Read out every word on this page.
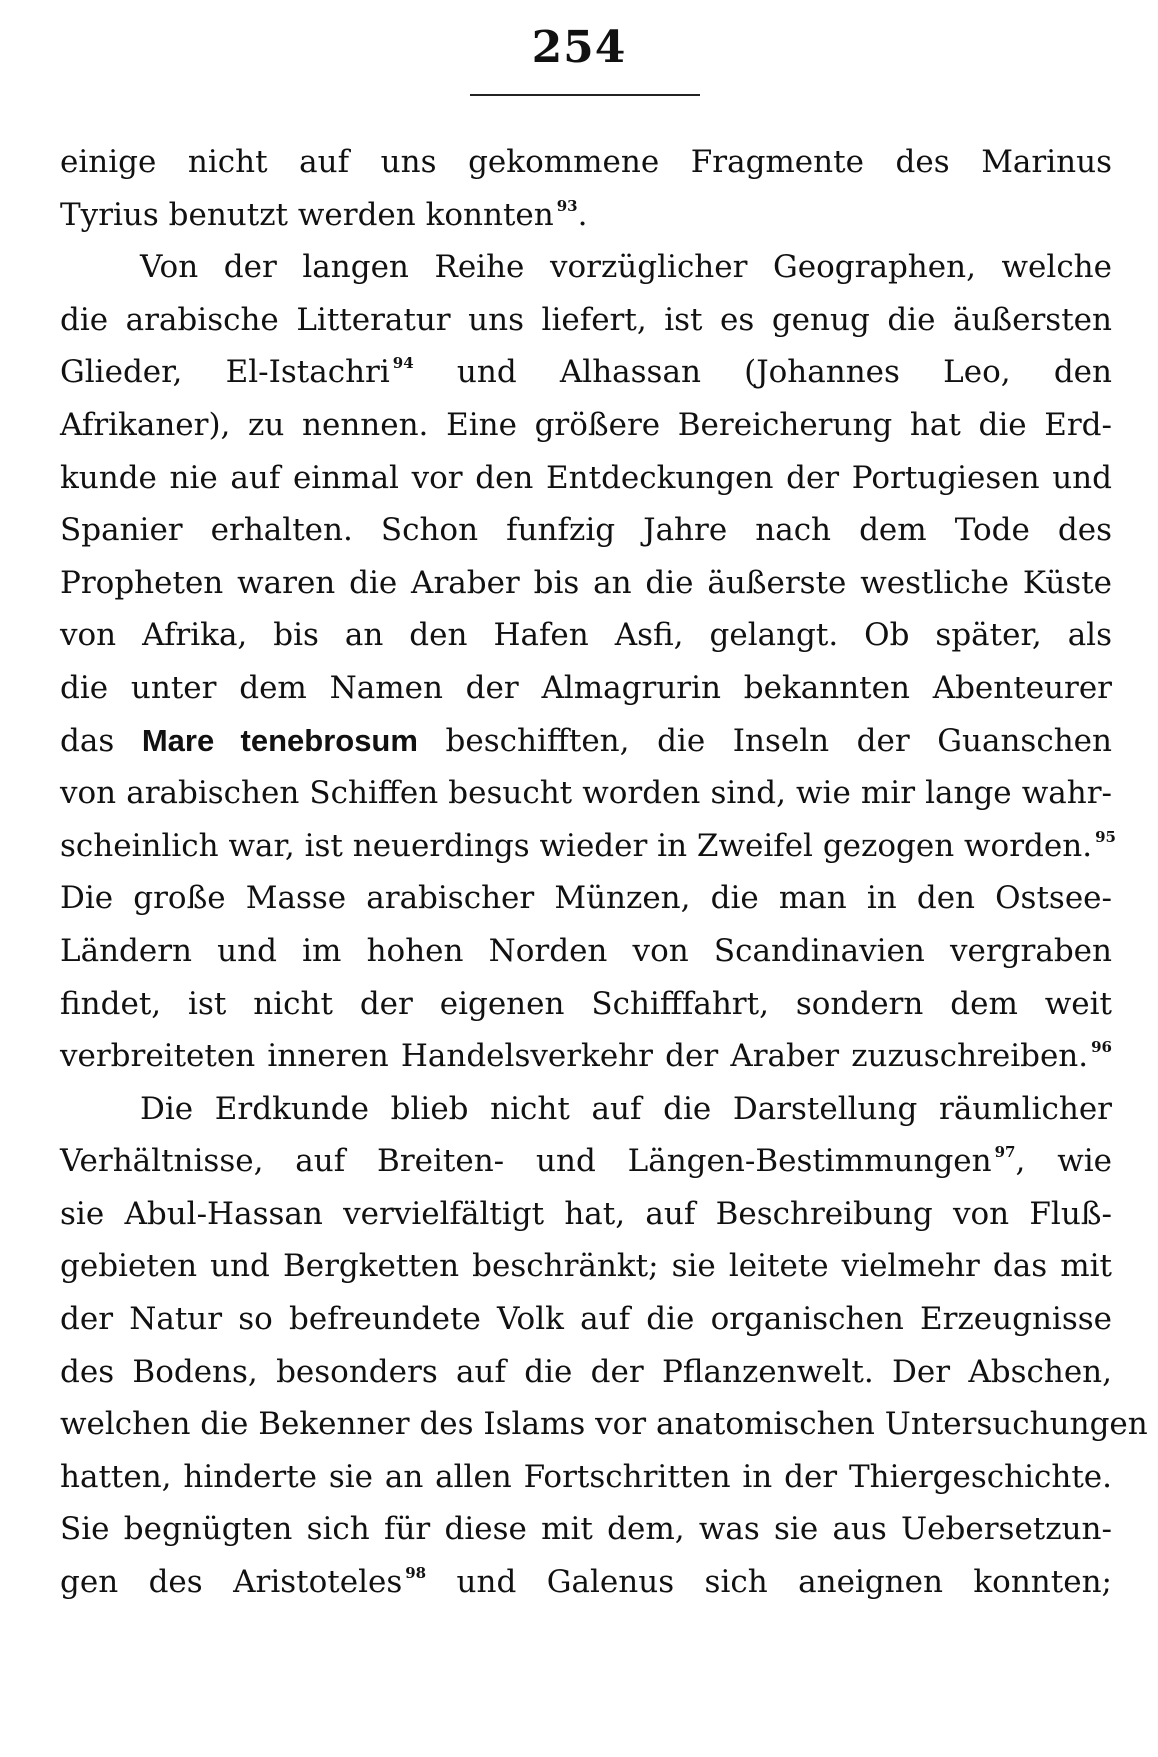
254
einige nicht auf uns gekommene Fragmente des Marinus
Tyrius benutzt werden konnten $^{93}$.
Von der langen Reihe vorzüglicher Geographen, welche
die arabische Litteratur uns liefert, ist es genug die äußersten
Glieder, El-Istachri $^{94}$ und Alhassan (Johannes Leo, den
Afrikaner), zu nennen. Eine größere Bereicherung hat die Erd-
kunde nie auf einmal vor den Entdeckungen der Portugiesen und
Spanier erhalten. Schon funfzig Jahre nach dem Tode des
Propheten waren die Araber bis an die äußerste westliche Küste
von Afrika, bis an den Hafen Asfi, gelangt. Ob später, als
die unter dem Namen der Almagrurin bekannten Abenteurer
das Mare tenebrosum beschifften, die Inseln der Guanschen
von arabischen Schiffen besucht worden sind, wie mir lange wahr-
scheinlich war, ist neuerdings wieder in Zweifel gezogen worden. $^{95}$
Die große Masse arabischer Münzen, die man in den Ostsee-
Ländern und im hohen Norden von Scandinavien vergraben
findet, ist nicht der eigenen Schifffahrt, sondern dem weit
verbreiteten inneren Handelsverkehr der Araber zuzuschreiben. $^{96}$
Die Erdkunde blieb nicht auf die Darstellung räumlicher
Verhältnisse, auf Breiten- und Längen-Bestimmungen $^{97}$, wie
sie Abul-Hassan vervielfältigt hat, auf Beschreibung von Fluß-
gebieten und Bergketten beschränkt; sie leitete vielmehr das mit
der Natur so befreundete Volk auf die organischen Erzeugnisse
des Bodens, besonders auf die der Pflanzenwelt. Der Abschen,
welchen die Bekenner des Islams vor anatomischen Untersuchungen
hatten, hinderte sie an allen Fortschritten in der Thiergeschichte.
Sie begnügten sich für diese mit dem, was sie aus Uebersetzun-
gen des Aristoteles $^{98}$ und Galenus sich aneignen konnten;
